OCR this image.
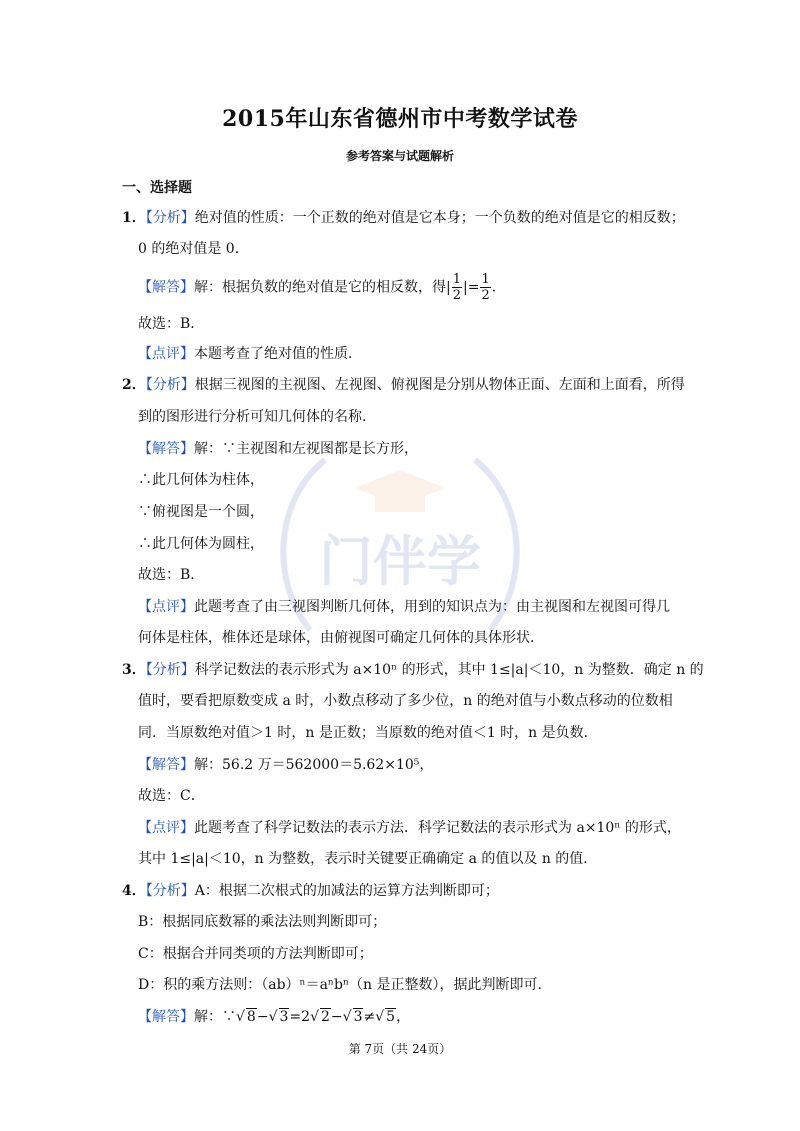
门伴学
2015年山东省德州市中考数学试卷
参考答案与试题解析
一、选择题
1．【分析】绝对值的性质：一个正数的绝对值是它本身；一个负数的绝对值是它的相反数；
0 的绝对值是 0．
【解答】解：根据负数的绝对值是它的相反数，得| $\frac{1}{2}$ |= $\frac{1}{2}$ ．
故选：B．
【点评】本题考查了绝对值的性质．
2．【分析】根据三视图的主视图、左视图、俯视图是分别从物体正面、左面和上面看，所得
到的图形进行分析可知几何体的名称．
【解答】解：∵主视图和左视图都是长方形，
∴此几何体为柱体，
∵俯视图是一个圆，
∴此几何体为圆柱，
故选：B．
【点评】此题考查了由三视图判断几何体，用到的知识点为：由主视图和左视图可得几
何体是柱体，椎体还是球体，由俯视图可确定几何体的具体形状．
3．【分析】科学记数法的表示形式为 a×10ⁿ 的形式，其中 1≤|a|＜10，n 为整数．确定 n 的
值时，要看把原数变成 a 时，小数点移动了多少位，n 的绝对值与小数点移动的位数相
同．当原数绝对值＞1 时，n 是正数；当原数的绝对值＜1 时，n 是负数．
【解答】解：56.2 万＝562000＝5.62×10⁵，
故选：C．
【点评】此题考查了科学记数法的表示方法．科学记数法的表示形式为 a×10ⁿ 的形式，
其中 1≤|a|＜10，n 为整数，表示时关键要正确确定 a 的值以及 n 的值．
4．【分析】A：根据二次根式的加减法的运算方法判断即可；
B：根据同底数幂的乘法法则判断即可；
C：根据合并同类项的方法判断即可；
D：积的乘方法则：（ab）ⁿ＝aⁿbⁿ（n 是正整数），据此判断即可．
【解答】解：∵√ 8−√ 3=2√ 2−√ 3≠√ 5，
第 7页（共 24页）
